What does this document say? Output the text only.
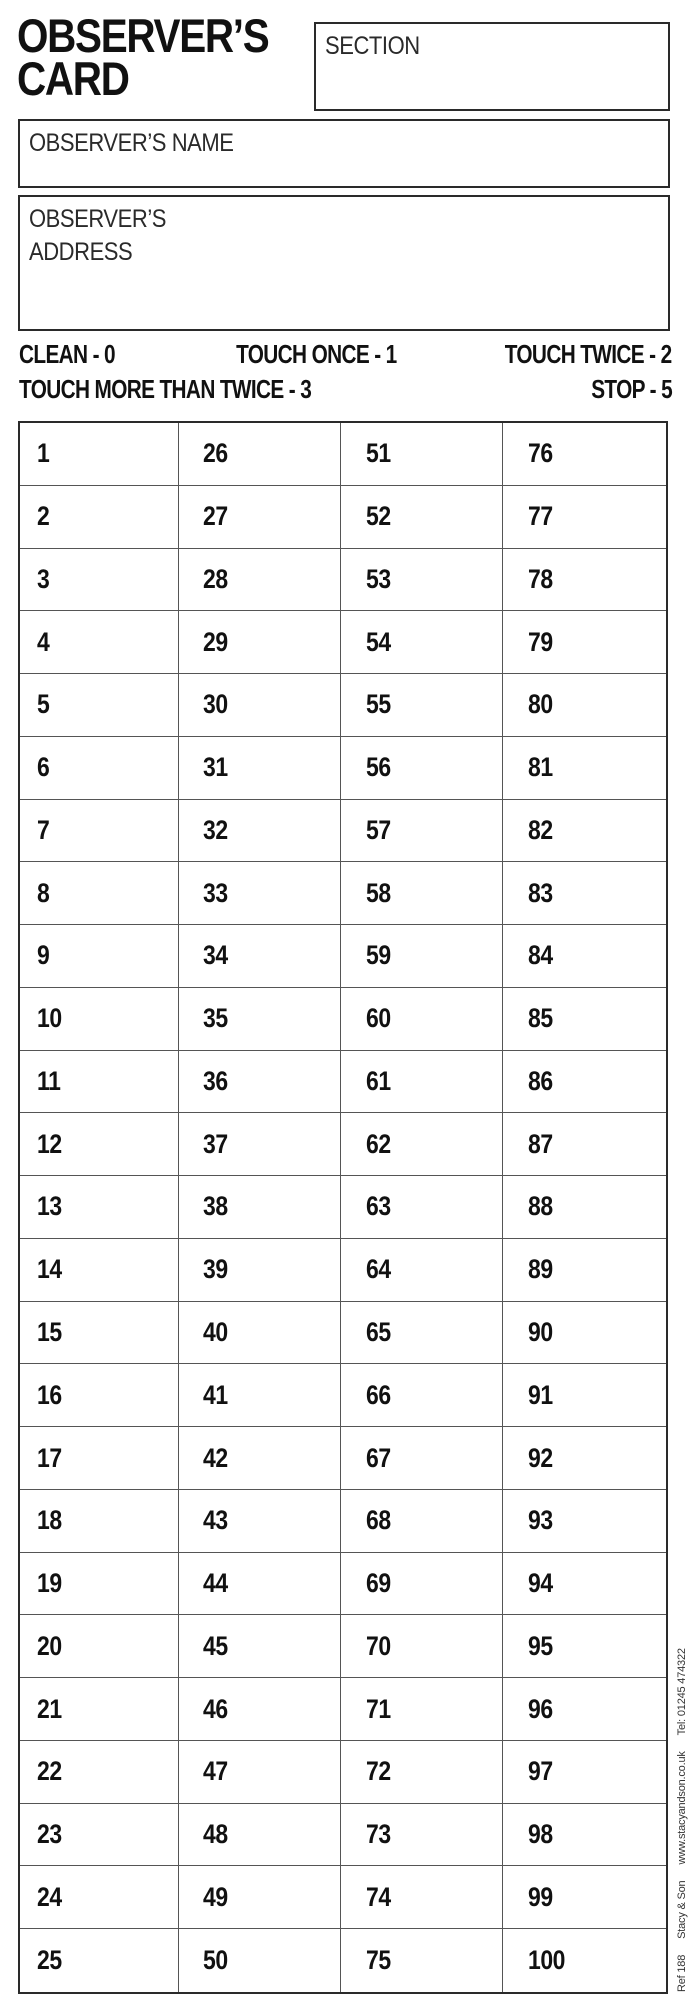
OBSERVER’S
CARD
SECTION
OBSERVER’S NAME
OBSERVER’S
ADDRESS
CLEAN - 0	TOUCH ONCE - 1	TOUCH TWICE - 2
TOUCH MORE THAN TWICE - 3	STOP - 5
1	26	51	76
2	27	52	77
3	28	53	78
4	29	54	79
5	30	55	80
6	31	56	81
7	32	57	82
8	33	58	83
9	34	59	84
10	35	60	85
11	36	61	86
12	37	62	87
13	38	63	88
14	39	64	89
15	40	65	90
16	41	66	91
17	42	67	92
18	43	68	93
19	44	69	94
20	45	70	95
21	46	71	96
22	47	72	97
23	48	73	98
24	49	74	99
25	50	75	100	Ref 188Stacy & Sonwww.stacyandson.co.ukTel: 01245 474322
